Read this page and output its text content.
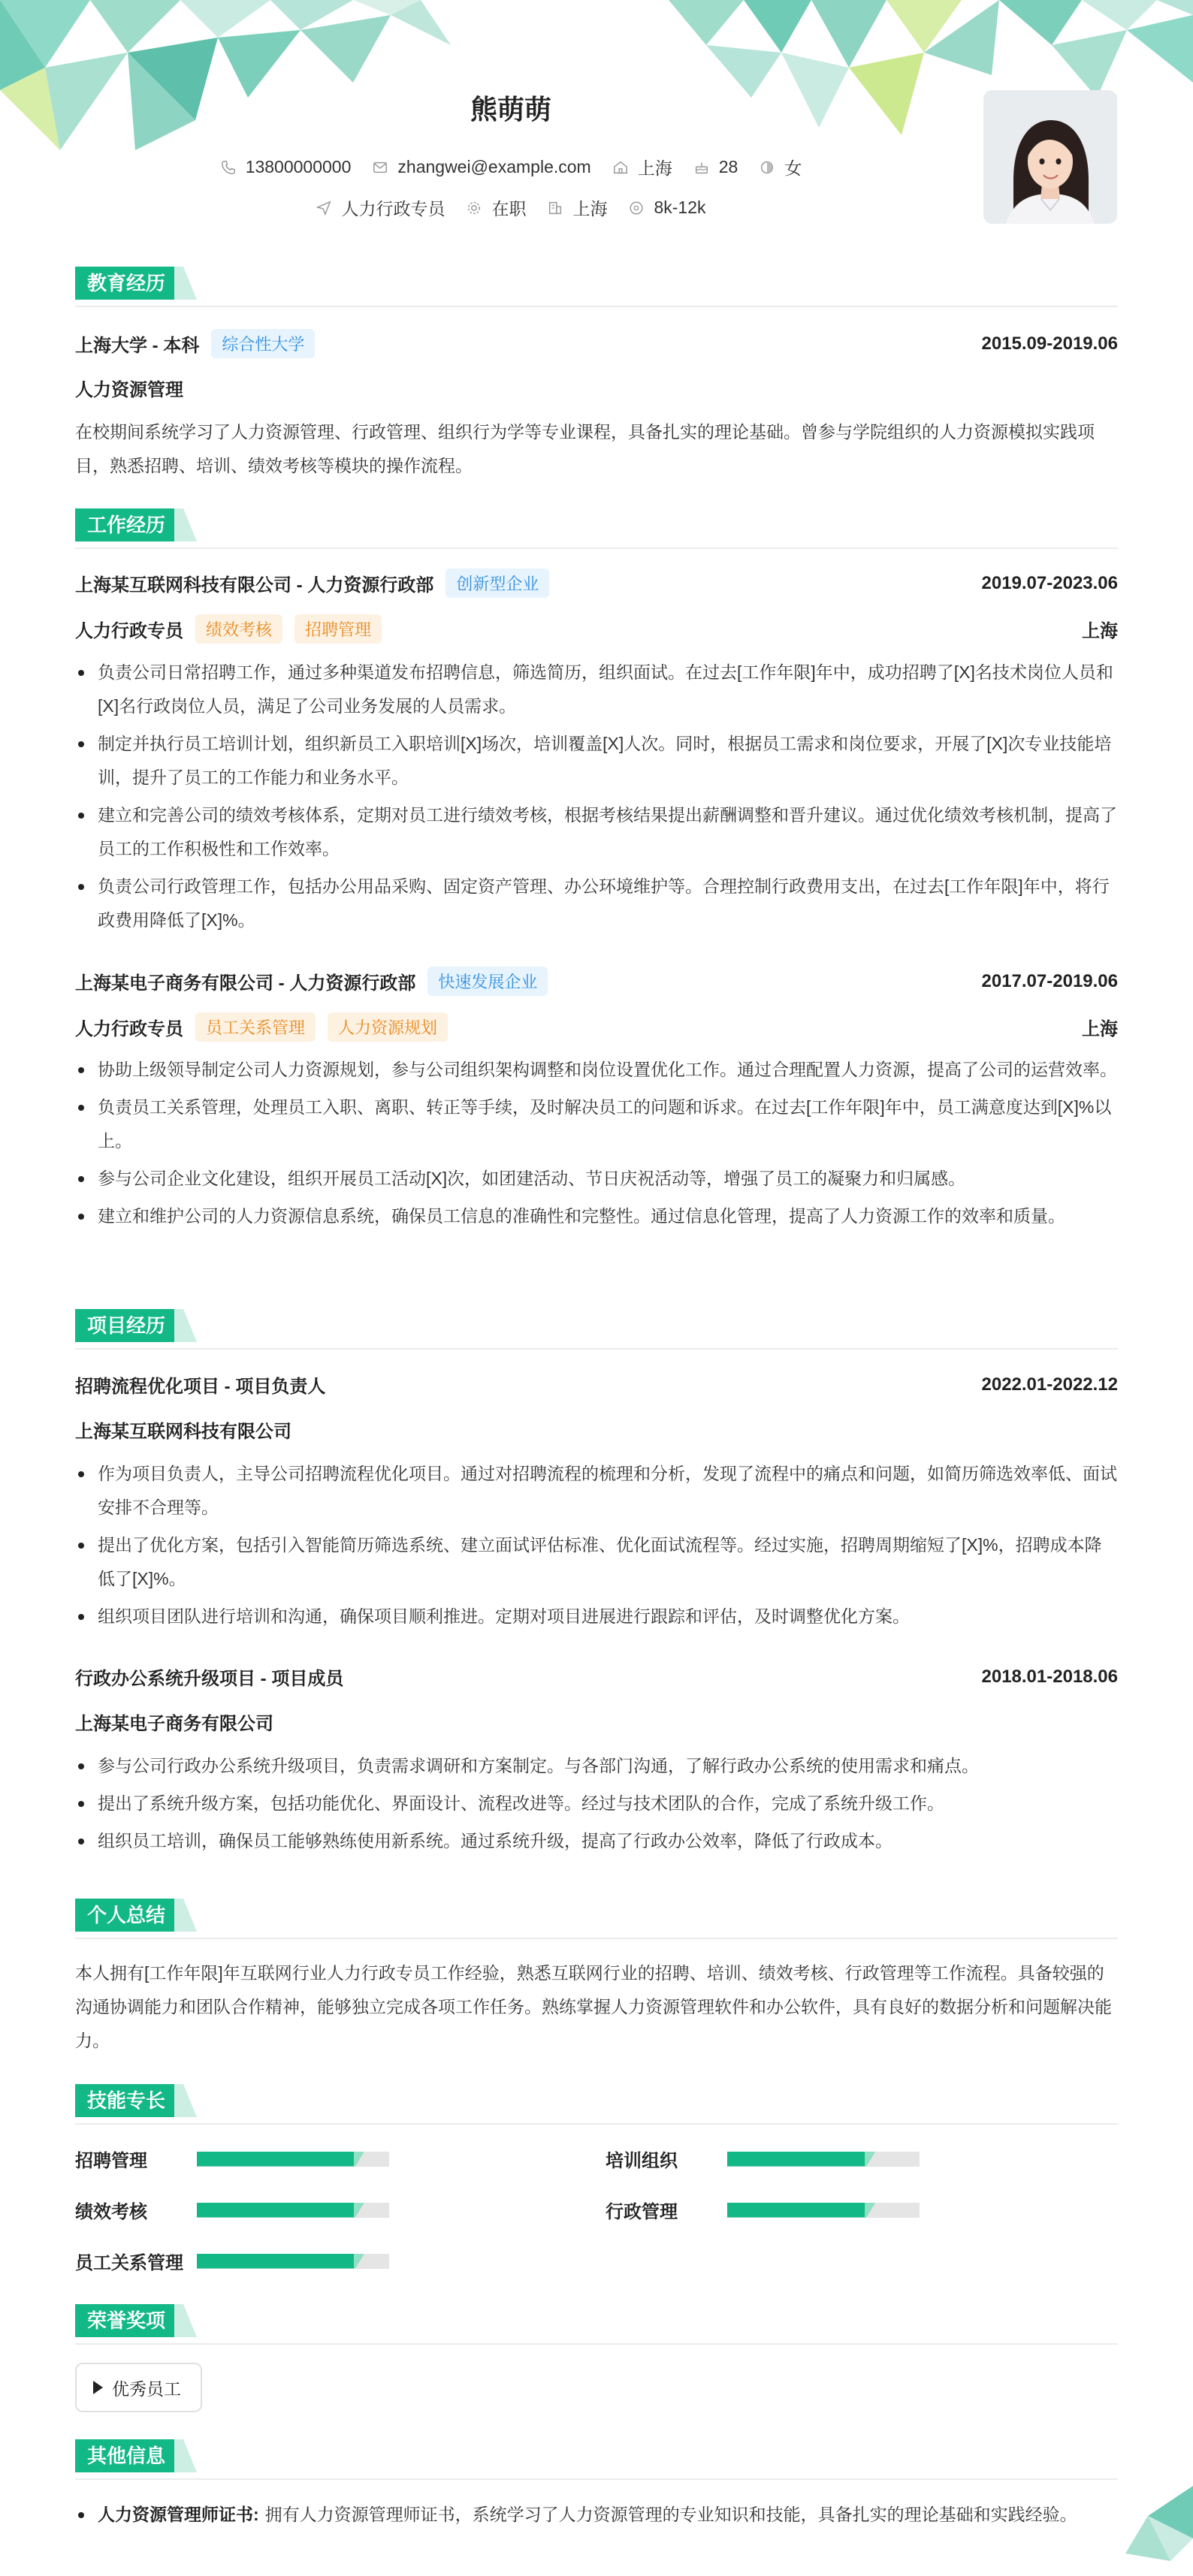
熊萌萌
13800000000	zhangwei@example.com	上海	28	女
人力行政专员	在职	上海	8k-12k
教育经历
上海大学 - 本科	综合性大学	2015.09-2019.06
人力资源管理

在校期间系统学习了人力资源管理、行政管理、组织行为学等专业课程，具备扎实的理论基础。曾参与学院组织的人力资源模拟实践项目，熟悉招聘、培训、绩效考核等模块的操作流程。

工作经历
上海某互联网科技有限公司 - 人力资源行政部	创新型企业	2019.07-2023.06
人力行政专员	绩效考核	招聘管理	上海
负责公司日常招聘工作，通过多种渠道发布招聘信息，筛选简历，组织面试。在过去[工作年限]年中，成功招聘了[X]名技术岗位人员和[X]名行政岗位人员，满足了公司业务发展的人员需求。
制定并执行员工培训计划，组织新员工入职培训[X]场次，培训覆盖[X]人次。同时，根据员工需求和岗位要求，开展了[X]次专业技能培训，提升了员工的工作能力和业务水平。
建立和完善公司的绩效考核体系，定期对员工进行绩效考核，根据考核结果提出薪酬调整和晋升建议。通过优化绩效考核机制，提高了员工的工作积极性和工作效率。
负责公司行政管理工作，包括办公用品采购、固定资产管理、办公环境维护等。合理控制行政费用支出，在过去[工作年限]年中，将行政费用降低了[X]%。
上海某电子商务有限公司 - 人力资源行政部	快速发展企业	2017.07-2019.06
人力行政专员	员工关系管理	人力资源规划	上海
协助上级领导制定公司人力资源规划，参与公司组织架构调整和岗位设置优化工作。通过合理配置人力资源，提高了公司的运营效率。
负责员工关系管理，处理员工入职、离职、转正等手续，及时解决员工的问题和诉求。在过去[工作年限]年中，员工满意度达到[X]%以上。
参与公司企业文化建设，组织开展员工活动[X]次，如团建活动、节日庆祝活动等，增强了员工的凝聚力和归属感。
建立和维护公司的人力资源信息系统，确保员工信息的准确性和完整性。通过信息化管理，提高了人力资源工作的效率和质量。
项目经历
招聘流程优化项目 - 项目负责人	2022.01-2022.12
上海某互联网科技有限公司
作为项目负责人，主导公司招聘流程优化项目。通过对招聘流程的梳理和分析，发现了流程中的痛点和问题，如简历筛选效率低、面试安排不合理等。
提出了优化方案，包括引入智能简历筛选系统、建立面试评估标准、优化面试流程等。经过实施，招聘周期缩短了[X]%，招聘成本降低了[X]%。
组织项目团队进行培训和沟通，确保项目顺利推进。定期对项目进展进行跟踪和评估，及时调整优化方案。
行政办公系统升级项目 - 项目成员	2018.01-2018.06
上海某电子商务有限公司
参与公司行政办公系统升级项目，负责需求调研和方案制定。与各部门沟通，了解行政办公系统的使用需求和痛点。
提出了系统升级方案，包括功能优化、界面设计、流程改进等。经过与技术团队的合作，完成了系统升级工作。
组织员工培训，确保员工能够熟练使用新系统。通过系统升级，提高了行政办公效率，降低了行政成本。
个人总结

本人拥有[工作年限]年互联网行业人力行政专员工作经验，熟悉互联网行业的招聘、培训、绩效考核、行政管理等工作流程。具备较强的沟通协调能力和团队合作精神，能够独立完成各项工作任务。熟练掌握人力资源管理软件和办公软件，具有良好的数据分析和问题解决能力。

技能专长
招聘管理	培训组织
绩效考核	行政管理
员工关系管理
荣誉奖项
优秀员工
其他信息
人力资源管理师证书: 拥有人力资源管理师证书，系统学习了人力资源管理的专业知识和技能，具备扎实的理论基础和实践经验。
